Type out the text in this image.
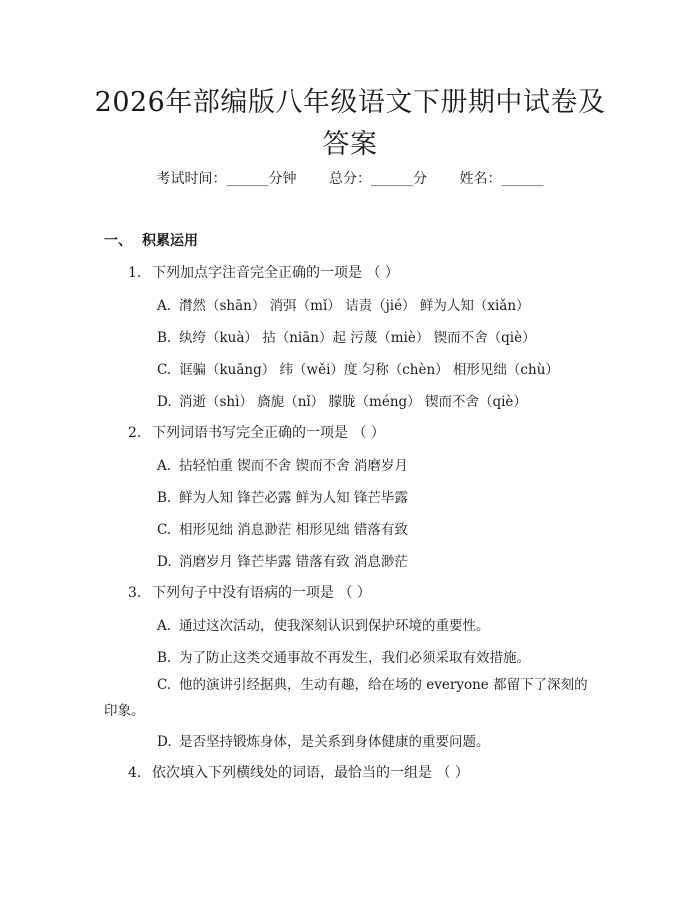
2026年部编版八年级语文下册期中试卷及答案
考试时间：______分钟 总分：______分 姓名：______
一、 积累运用
1. 下列加点字注音完全正确的一项是 （ ）
A. 潸然（shān） 消弭（mǐ） 诘责（jié） 鲜为人知（xiǎn）
B. 纨绔（kuà） 拈（niān）起 污蔑（miè） 锲而不舍（qiè）
C. 诓骗（kuāng） 纬（wěi）度 匀称（chèn） 相形见绌（chù）
D. 消逝（shì） 旖旎（nǐ） 朦胧（méng） 锲而不舍（qiè）
2. 下列词语书写完全正确的一项是 （ ）
A. 拈轻怕重 锲而不舍 锲而不舍 消磨岁月
B. 鲜为人知 锋芒必露 鲜为人知 锋芒毕露
C. 相形见绌 消息渺茫 相形见绌 错落有致
D. 消磨岁月 锋芒毕露 错落有致 消息渺茫
3. 下列句子中没有语病的一项是 （ ）
A. 通过这次活动，使我深刻认识到保护环境的重要性。
B. 为了防止这类交通事故不再发生，我们必须采取有效措施。
C. 他的演讲引经据典，生动有趣，给在场的 everyone 都留下了深刻的印象。
D. 是否坚持锻炼身体，是关系到身体健康的重要问题。
4. 依次填入下列横线处的词语，最恰当的一组是 （ ）
